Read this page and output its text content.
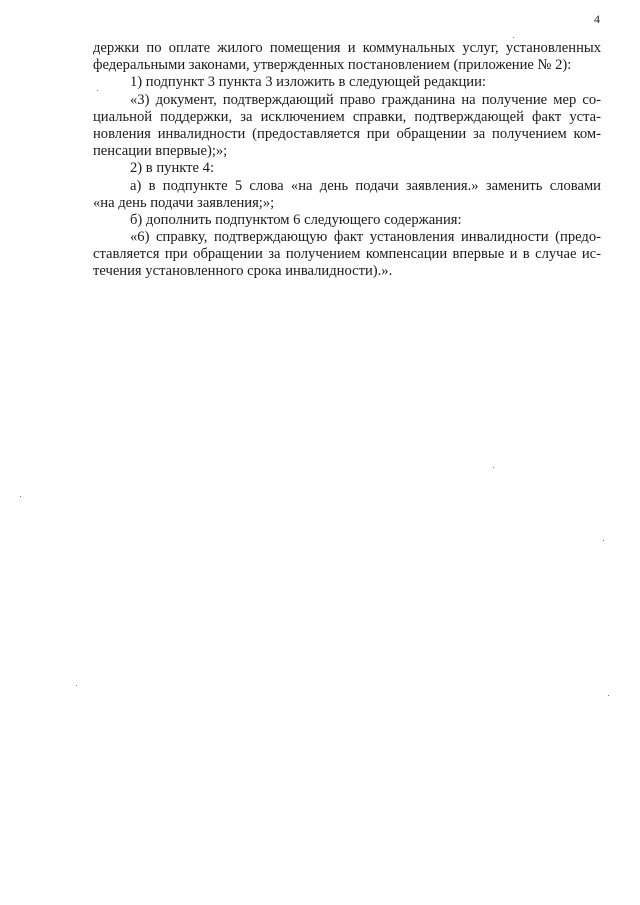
4
держки по оплате жилого помещения и коммунальных услуг, установленных
федеральными законами, утвержденных постановлением (приложение № 2):
1) подпункт 3 пункта 3 изложить в следующей редакции:
«3) документ, подтверждающий право гражданина на получение мер со-
циальной поддержки, за исключением справки, подтверждающей факт уста-
новления инвалидности (предоставляется при обращении за получением ком-
пенсации впервые);»;
2) в пункте 4:
а) в подпункте 5 слова «на день подачи заявления.» заменить словами
«на день подачи заявления;»;
б) дополнить подпунктом 6 следующего содержания:
«6) справку, подтверждающую факт установления инвалидности (предо-
ставляется при обращении за получением компенсации впервые и в случае ис-
течения установленного срока инвалидности).».
